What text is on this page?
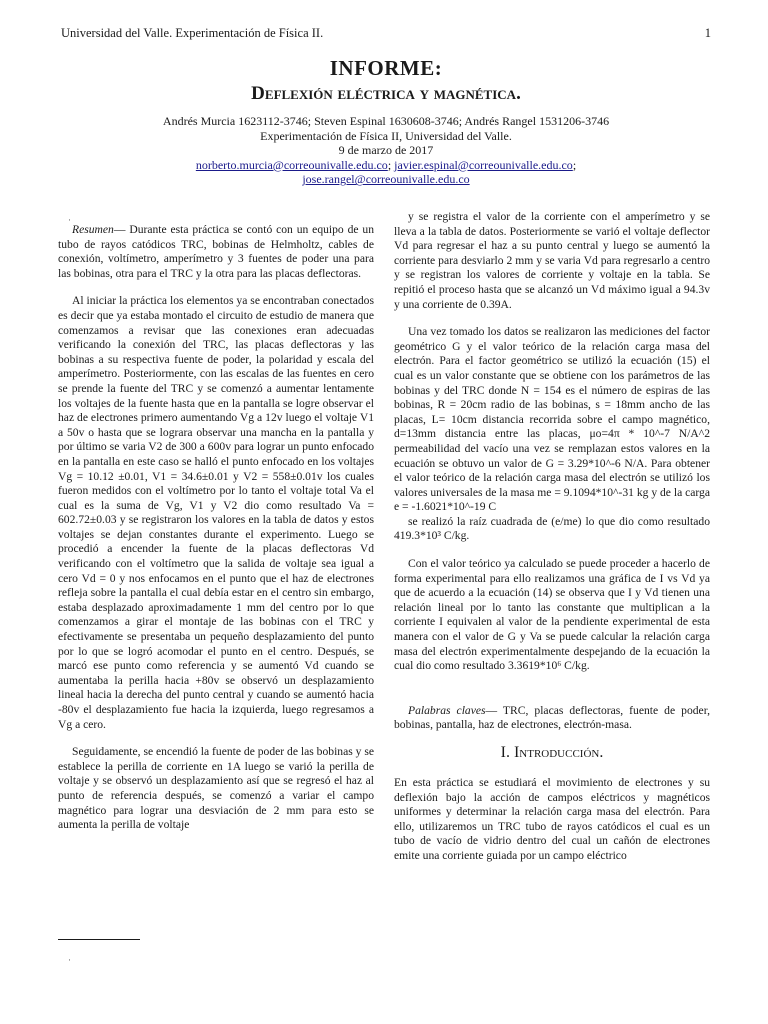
Universidad del Valle. Experimentación de Física II.	1
INFORME:
Deflexión eléctrica y magnética.
Andrés Murcia 1623112-3746; Steven Espinal 1630608-3746; Andrés Rangel 1531206-3746
Experimentación de Física II, Universidad del Valle.
9 de marzo de 2017
norberto.murcia@correounivalle.edu.co; javier.espinal@correounivalle.edu.co;
jose.rangel@correounivalle.edu.co

Resumen— Durante esta práctica se contó con un equipo de un tubo de rayos catódicos TRC, bobinas de Helmholtz, cables de conexión, voltímetro, amperímetro y 3 fuentes de poder una para las bobinas, otra para el TRC y la otra para las placas deflectoras.

Al iniciar la práctica los elementos ya se encontraban conectados es decir que ya estaba montado el circuito de estudio de manera que comenzamos a revisar que las conexiones eran adecuadas verificando la conexión del TRC, las placas deflectoras y las bobinas a su respectiva fuente de poder, la polaridad y escala del amperímetro. Posteriormente, con las escalas de las fuentes en cero se prende la fuente del TRC y se comenzó a aumentar lentamente los voltajes de la fuente hasta que en la pantalla se logre observar el haz de electrones primero aumentando Vg a 12v luego el voltaje V1 a 50v o hasta que se lograra observar una mancha en la pantalla y por último se varia V2 de 300 a 600v para lograr un punto enfocado en la pantalla en este caso se halló el punto enfocado en los voltajes Vg = 10.12 ±0.01, V1 = 34.6±0.01 y V2 = 558±0.01v los cuales fueron medidos con el voltímetro por lo tanto el voltaje total Va el cual es la suma de Vg, V1 y V2 dio como resultado Va = 602.72±0.03 y se registraron los valores en la tabla de datos y estos voltajes se dejan constantes durante el experimento. Luego se procedió a encender la fuente de la placas deflectoras Vd verificando con el voltímetro que la salida de voltaje sea igual a cero Vd = 0 y nos enfocamos en el punto que el haz de electrones refleja sobre la pantalla el cual debía estar en el centro sin embargo, estaba desplazado aproximadamente 1 mm del centro por lo que comenzamos a girar el montaje de las bobinas con el TRC y efectivamente se presentaba un pequeño desplazamiento del punto por lo que se logró acomodar el punto en el centro. Después, se marcó ese punto como referencia y se aumentó Vd cuando se aumentaba la perilla hacia +80v se observó un desplazamiento lineal hacia la derecha del punto central y cuando se aumentó hacia -80v el desplazamiento fue hacia la izquierda, luego regresamos a Vg a cero.

Seguidamente, se encendió la fuente de poder de las bobinas y se establece la perilla de corriente en 1A luego se varió la perilla de voltaje y se observó un desplazamiento así que se regresó el haz al punto de referencia después, se comenzó a variar el campo magnético para lograr una desviación de 2 mm para esto se aumenta la perilla de voltaje

y se registra el valor de la corriente con el amperímetro y se lleva a la tabla de datos. Posteriormente se varió el voltaje deflector Vd para regresar el haz a su punto central y luego se aumentó la corriente para desviarlo 2 mm y se varia Vd para regresarlo a centro y se registran los valores de corriente y voltaje en la tabla. Se repitió el proceso hasta que se alcanzó un Vd máximo igual a 94.3v y una corriente de 0.39A.

Una vez tomado los datos se realizaron las mediciones del factor geométrico G y el valor teórico de la relación carga masa del electrón. Para el factor geométrico se utilizó la ecuación (15) el cual es un valor constante que se obtiene con los parámetros de las bobinas y del TRC donde N = 154 es el número de espiras de las bobinas, R = 20cm radio de las bobinas, s = 18mm ancho de las placas, L= 10cm distancia recorrida sobre el campo magnético, d=13mm distancia entre las placas, μo=4π * 10^-7 N/A^2 permeabilidad del vacío una vez se remplazan estos valores en la ecuación se obtuvo un valor de G = 3.29*10^-6 N/A. Para obtener el valor teórico de la relación carga masa del electrón se utilizó los valores universales de la masa me = 9.1094*10^-31 kg y de la carga e = -1.6021*10^-19 C

se realizó la raíz cuadrada de (e/me) lo que dio como resultado 419.3*10³ C/kg.

Con el valor teórico ya calculado se puede proceder a hacerlo de forma experimental para ello realizamos una gráfica de I vs Vd ya que de acuerdo a la ecuación (14) se observa que I y Vd tienen una relación lineal por lo tanto las constante que multiplican a la corriente I equivalen al valor de la pendiente experimental de esta manera con el valor de G y Va se puede calcular la relación carga masa del electrón experimentalmente despejando de la ecuación la cual dio como resultado 3.3619*10⁶ C/kg.

Palabras claves— TRC, placas deflectoras, fuente de poder, bobinas, pantalla, haz de electrones, electrón-masa.

I. Introducción.

En esta práctica se estudiará el movimiento de electrones y su deflexión bajo la acción de campos eléctricos y magnéticos uniformes y determinar la relación carga masa del electrón. Para ello, utilizaremos un TRC tubo de rayos catódicos el cual es un tubo de vacío de vidrio dentro del cual un cañón de electrones emite una corriente guiada por un campo eléctrico

·
·
